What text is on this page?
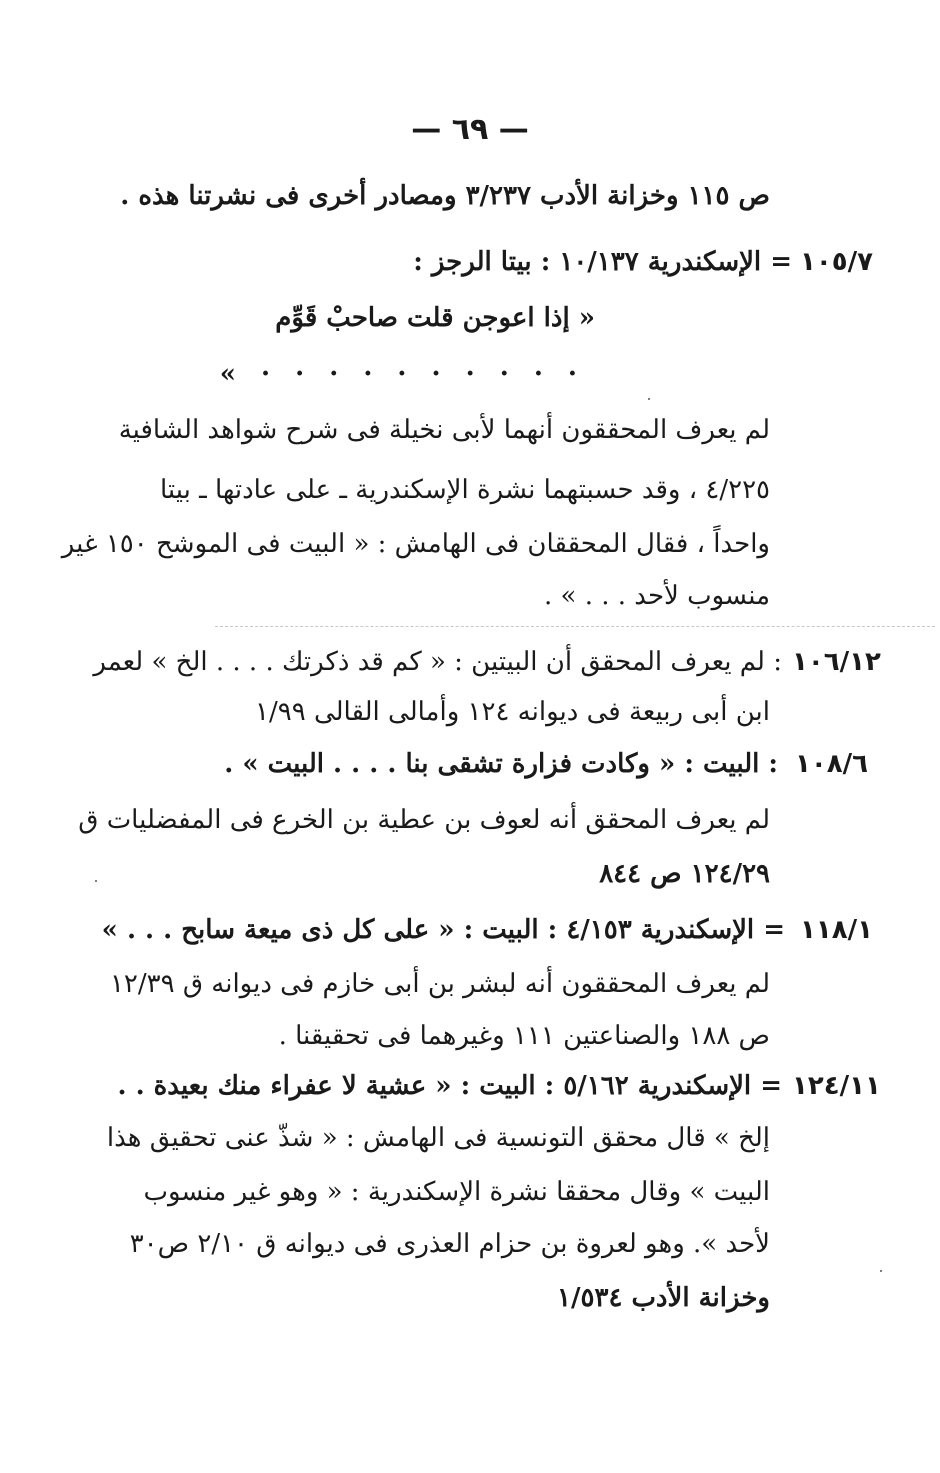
— ٦٩ —
ص ١١٥ وخزانة الأدب ٣/٢٣٧ ومصادر أخرى فى نشرتنا هذه .
١٠٥/٧
= الإسكندرية ١٠/١٣٧ : بيتا الرجز :
« إذا اعوجن قلت صاحبْ قَوِّم
· · · · · · · · · · »
لم يعرف المحققون أنهما لأبى نخيلة فى شرح شواهد الشافية
٤/٢٢٥ ، وقد حسبتهما نشرة الإسكندرية ـ على عادتها ـ بيتا
واحداً ، فقال المحققان فى الهامش : « البيت فى الموشح ١٥٠ غير
منسوب لأحد . . . » .
١٠٦/١٢
: لم يعرف المحقق أن البيتين : « كم قد ذكرتك . . . . الخ » لعمر
ابن أبى ربيعة فى ديوانه ١٢٤ وأمالى القالى ١/٩٩
١٠٨/٦
: البيت : « وكادت فزارة تشقى بنا . . . . البيت » .
لم يعرف المحقق أنه لعوف بن عطية بن الخرع فى المفضليات ق
١٢٤/٢٩ ص ٨٤٤
١١٨/١
= الإسكندرية ٤/١٥٣ : البيت : « على كل ذى ميعة سابح . . . »
لم يعرف المحققون أنه لبشر بن أبى خازم فى ديوانه ق ١٢/٣٩
ص ١٨٨ والصناعتين ١١١ وغيرهما فى تحقيقنا .
١٢٤/١١
= الإسكندرية ٥/١٦٢ : البيت : « عشية لا عفراء منك بعيدة . .
إلخ » قال محقق التونسية فى الهامش : « شذّ عنى تحقيق هذا
البيت » وقال محققا نشرة الإسكندرية : « وهو غير منسوب
لأحد ». وهو لعروة بن حزام العذرى فى ديوانه ق ٢/١٠ ص٣٠
وخزانة الأدب ١/٥٣٤
